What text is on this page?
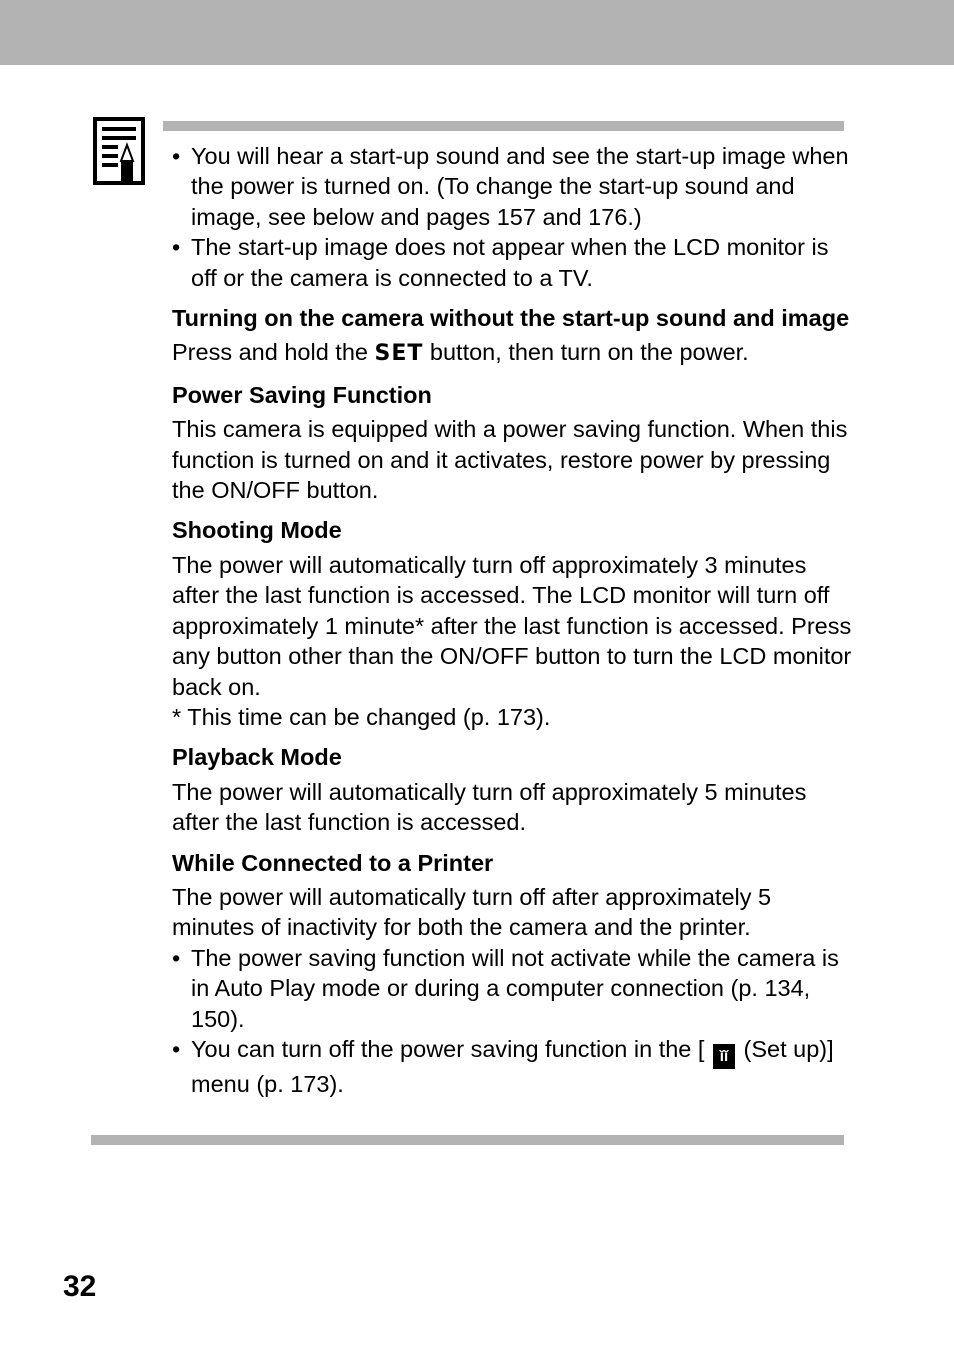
• You will hear a start-up sound and see the start-up image when the power is turned on. (To change the start-up sound and image, see below and pages 157 and 176.)
• The start-up image does not appear when the LCD monitor is off or the camera is connected to a TV.
Turning on the camera without the start-up sound and image

Press and hold the SET button, then turn on the power.

Power Saving Function

This camera is equipped with a power saving function. When this function is turned on and it activates, restore power by pressing the ON/OFF button.

Shooting Mode

The power will automatically turn off approximately 3 minutes after the last function is accessed. The LCD monitor will turn off approximately 1 minute* after the last function is accessed. Press any button other than the ON/OFF button to turn the LCD monitor back on.

* This time can be changed (p. 173).

Playback Mode

The power will automatically turn off approximately 5 minutes after the last function is accessed.

While Connected to a Printer

The power will automatically turn off after approximately 5 minutes of inactivity for both the camera and the printer.

• The power saving function will not activate while the camera is in Auto Play mode or during a computer connection (p. 134, 150).
• You can turn off the power saving function in the [ ǐǐ (Set up)] menu (p. 173).
32
